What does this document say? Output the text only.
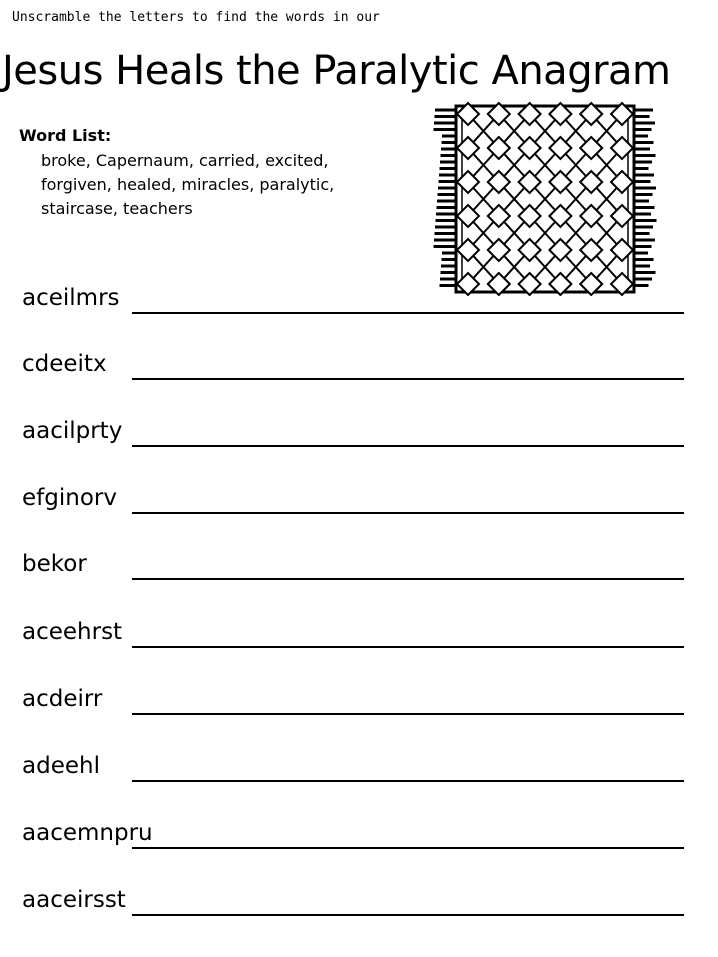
Unscramble the letters to find the words in our
Jesus Heals the Paralytic Anagram
Word List:
broke, Capernaum, carried, excited,
forgiven, healed, miracles, paralytic,
staircase, teachers
aceilmrs
cdeeitx
aacilprty
efginorv
bekor
aceehrst
acdeirr
adeehl
aacemnpru
aaceirsst
